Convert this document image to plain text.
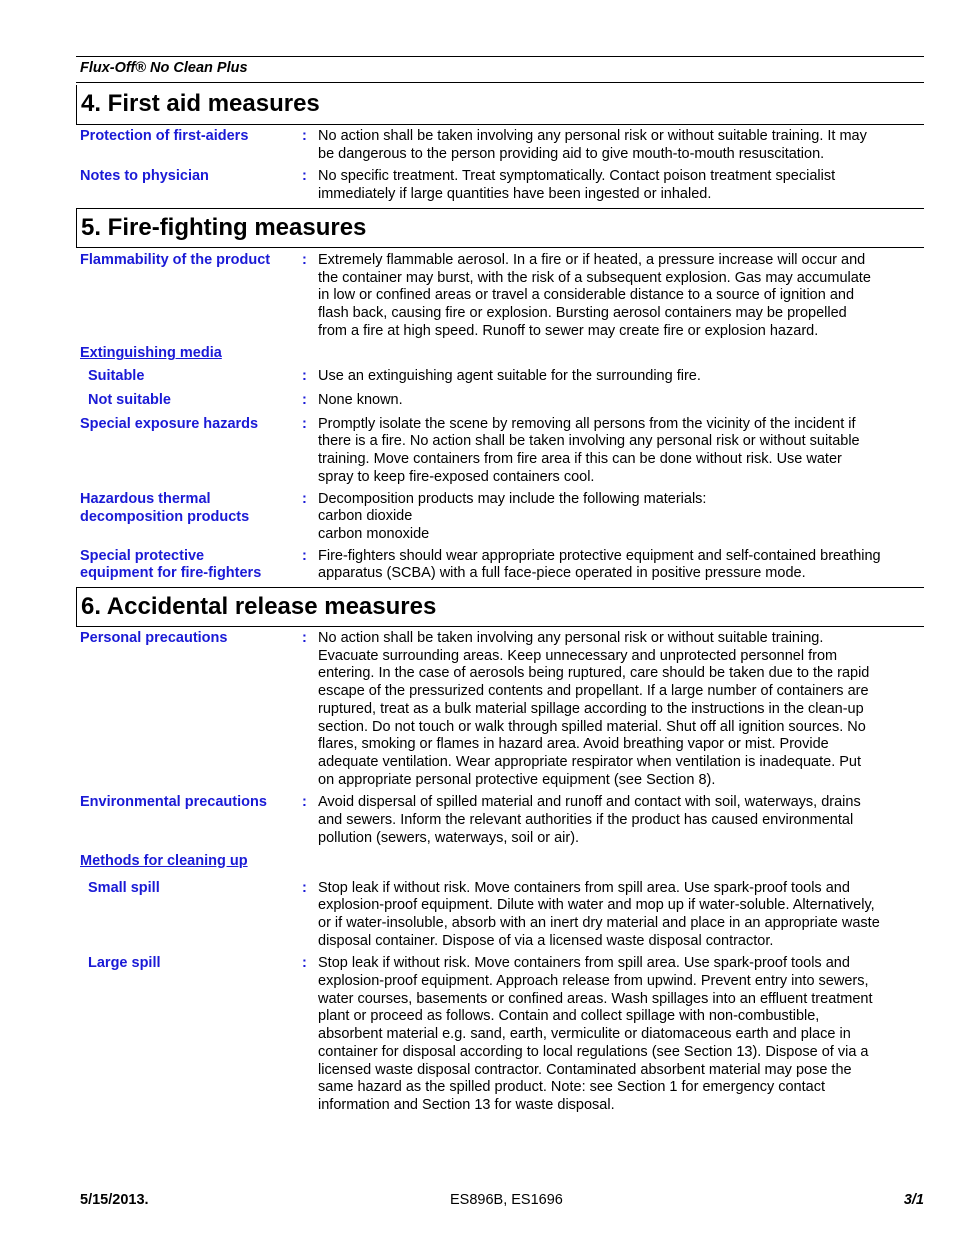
Flux-Off® No Clean Plus
4. First aid measures
Protection of first-aiders	: No action shall be taken involving any personal risk or without suitable training. It may
be dangerous to the person providing aid to give mouth-to-mouth resuscitation.
Notes to physician	: No specific treatment. Treat symptomatically. Contact poison treatment specialist
immediately if large quantities have been ingested or inhaled.
5. Fire-fighting measures
Flammability of the product	: Extremely flammable aerosol. In a fire or if heated, a pressure increase will occur and
the container may burst, with the risk of a subsequent explosion. Gas may accumulate
in low or confined areas or travel a considerable distance to a source of ignition and
flash back, causing fire or explosion. Bursting aerosol containers may be propelled
from a fire at high speed. Runoff to sewer may create fire or explosion hazard.
Extinguishing media
Suitable	: Use an extinguishing agent suitable for the surrounding fire.
Not suitable	: None known.
Special exposure hazards	: Promptly isolate the scene by removing all persons from the vicinity of the incident if
there is a fire. No action shall be taken involving any personal risk or without suitable
training. Move containers from fire area if this can be done without risk. Use water
spray to keep fire-exposed containers cool.
Hazardous thermal
decomposition products
: Decomposition products may include the following materials:
carbon dioxide
carbon monoxide
Special protective
equipment for fire-fighters
: Fire-fighters should wear appropriate protective equipment and self-contained breathing
apparatus (SCBA) with a full face-piece operated in positive pressure mode.
6. Accidental release measures
Personal precautions	: No action shall be taken involving any personal risk or without suitable training.
Evacuate surrounding areas. Keep unnecessary and unprotected personnel from
entering. In the case of aerosols being ruptured, care should be taken due to the rapid
escape of the pressurized contents and propellant. If a large number of containers are
ruptured, treat as a bulk material spillage according to the instructions in the clean-up
section. Do not touch or walk through spilled material. Shut off all ignition sources. No
flares, smoking or flames in hazard area. Avoid breathing vapor or mist. Provide
adequate ventilation. Wear appropriate respirator when ventilation is inadequate. Put
on appropriate personal protective equipment (see Section 8).
Environmental precautions	: Avoid dispersal of spilled material and runoff and contact with soil, waterways, drains
and sewers. Inform the relevant authorities if the product has caused environmental
pollution (sewers, waterways, soil or air).
Methods for cleaning up
Small spill	: Stop leak if without risk. Move containers from spill area. Use spark-proof tools and
explosion-proof equipment. Dilute with water and mop up if water-soluble. Alternatively,
or if water-insoluble, absorb with an inert dry material and place in an appropriate waste
disposal container. Dispose of via a licensed waste disposal contractor.
Large spill	: Stop leak if without risk. Move containers from spill area. Use spark-proof tools and
explosion-proof equipment. Approach release from upwind. Prevent entry into sewers,
water courses, basements or confined areas. Wash spillages into an effluent treatment
plant or proceed as follows. Contain and collect spillage with non-combustible,
absorbent material e.g. sand, earth, vermiculite or diatomaceous earth and place in
container for disposal according to local regulations (see Section 13). Dispose of via a
licensed waste disposal contractor. Contaminated absorbent material may pose the
same hazard as the spilled product. Note: see Section 1 for emergency contact
information and Section 13 for waste disposal.
5/15/2013.	ES896B, ES1696	3/1
